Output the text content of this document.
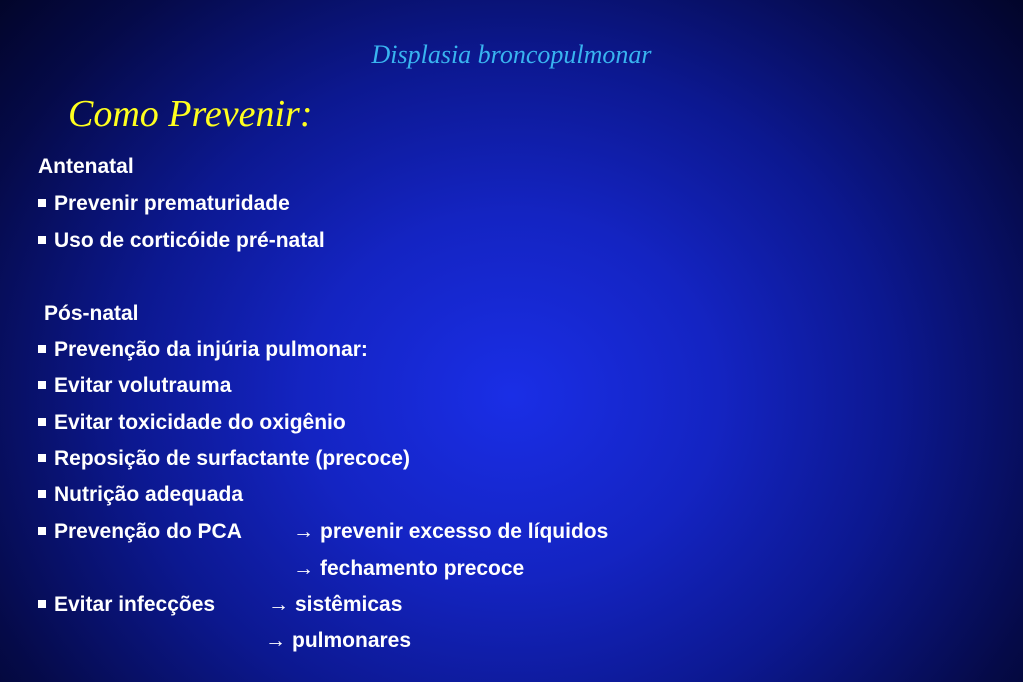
Displasia broncopulmonar
Como Prevenir:
Antenatal
Prevenir prematuridade
Uso de corticóide pré-natal
Pós-natal
Prevenção da injúria pulmonar:
Evitar volutrauma
Evitar toxicidade do oxigênio
Reposição de surfactante (precoce)
Nutrição adequada
Prevenção do PCA → prevenir excesso de líquidos
→ fechamento precoce
Evitar infecções	→ sistêmicas
→ pulmonares
